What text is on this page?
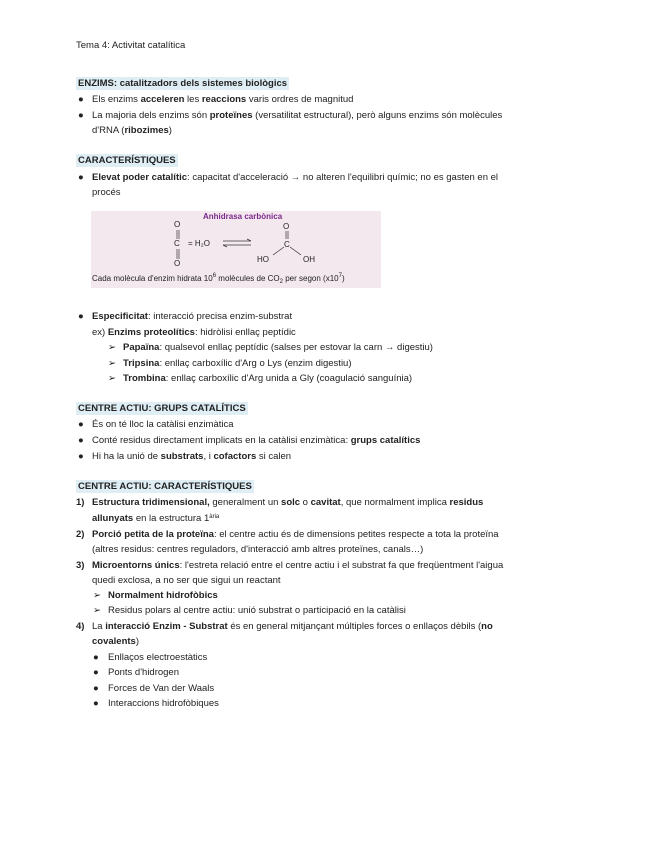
Tema 4: Activitat catalítica
ENZIMS: catalitzadors dels sistemes biològics
● Els enzims acceleren les reaccions varis ordres de magnitud
● La majoria dels enzims són proteïnes (versatilitat estructural), però alguns enzims són molècules
d'RNA (ribozimes)
CARACTERÍSTIQUES
● Elevat poder catalític: capacitat d'acceleració → no alteren l'equilibri químic; no es gasten en el
procés
Anhidrasa carbònica
O
C = H₂O
O
O
C
HO	OH
Cada molècula d'enzim hidrata $10^6$ molècules de $CO_2$ per segon $(x10^7)$
● Especificitat: interacció precisa enzim-substrat
ex) Enzims proteolítics: hidròlisi enllaç peptídic
➢ Papaïna: qualsevol enllaç peptídic (salses per estovar la carn → digestiu)
➢ Tripsina: enllaç carboxílic d'Arg o Lys (enzim digestiu)
➢ Trombina: enllaç carboxílic d'Arg unida a Gly (coagulació sanguínia)
CENTRE ACTIU: GRUPS CATALÍTICS
● És on té lloc la catàlisi enzimàtica
● Conté residus directament implicats en la catàlisi enzimàtica: grups catalítics
● Hi ha la unió de substrats, i cofactors si calen
CENTRE ACTIU: CARACTERÍSTIQUES
1) Estructura tridimensional, generalment un solc o cavitat, que normalment implica residus
allunyats en la estructura $1^{ària}$
2) Porció petita de la proteïna: el centre actiu és de dimensions petites respecte a tota la proteïna
(altres residus: centres reguladors, d'interacció amb altres proteïnes, canals…)
3) Microentorns únics: l'estreta relació entre el centre actiu i el substrat fa que freqüentment l'aigua
quedi exclosa, a no ser que sigui un reactant
➢ Normalment hidrofòbics
➢ Residus polars al centre actiu: unió substrat o participació en la catàlisi
4) La interacció Enzim - Substrat és en general mitjançant múltiples forces o enllaços dèbils (no
covalents)
● Enllaços electroestàtics
● Ponts d'hidrogen
● Forces de Van der Waals
● Interaccions hidrofòbiques
